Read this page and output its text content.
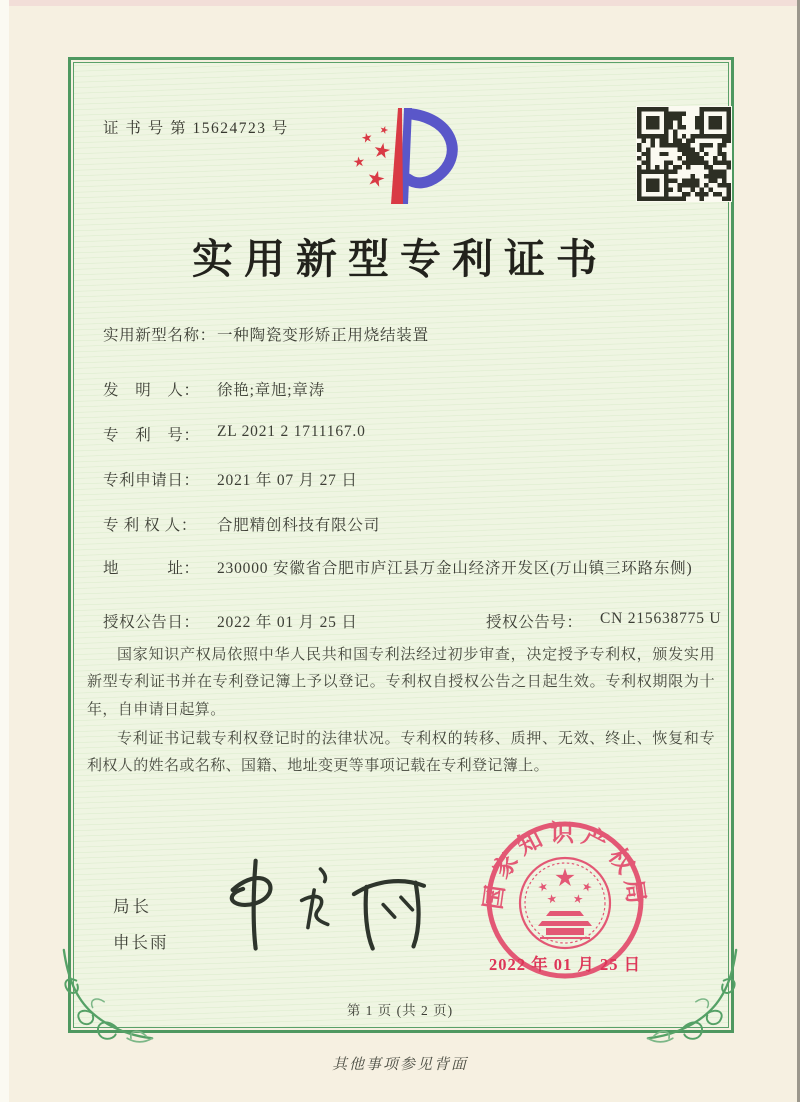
证 书 号 第 15624723 号
实用新型专利证书
实用新型名称：一种陶瓷变形矫正用烧结装置
发　明　人： 徐艳;章旭;章涛
专　利　号： ZL 2021 2 1711167.0
专利申请日： 2021 年 07 月 27 日
专 利 权 人： 合肥精创科技有限公司
地　　　址： 230000 安徽省合肥市庐江县万金山经济开发区(万山镇三环路东侧)
授权公告日： 2022 年 01 月 25 日	授权公告号： CN 215638775 U

国家知识产权局依照中华人民共和国专利法经过初步审查，决定授予专利权，颁发实用新型专利证书并在专利登记簿上予以登记。专利权自授权公告之日起生效。专利权期限为十年，自申请日起算。

专利证书记载专利权登记时的法律状况。专利权的转移、质押、无效、终止、恢复和专利权人的姓名或名称、国籍、地址变更等事项记载在专利登记簿上。

局长
申长雨
国家知识产权局
2022 年 01 月 25 日
第 1 页 (共 2 页)
其他事项参见背面
